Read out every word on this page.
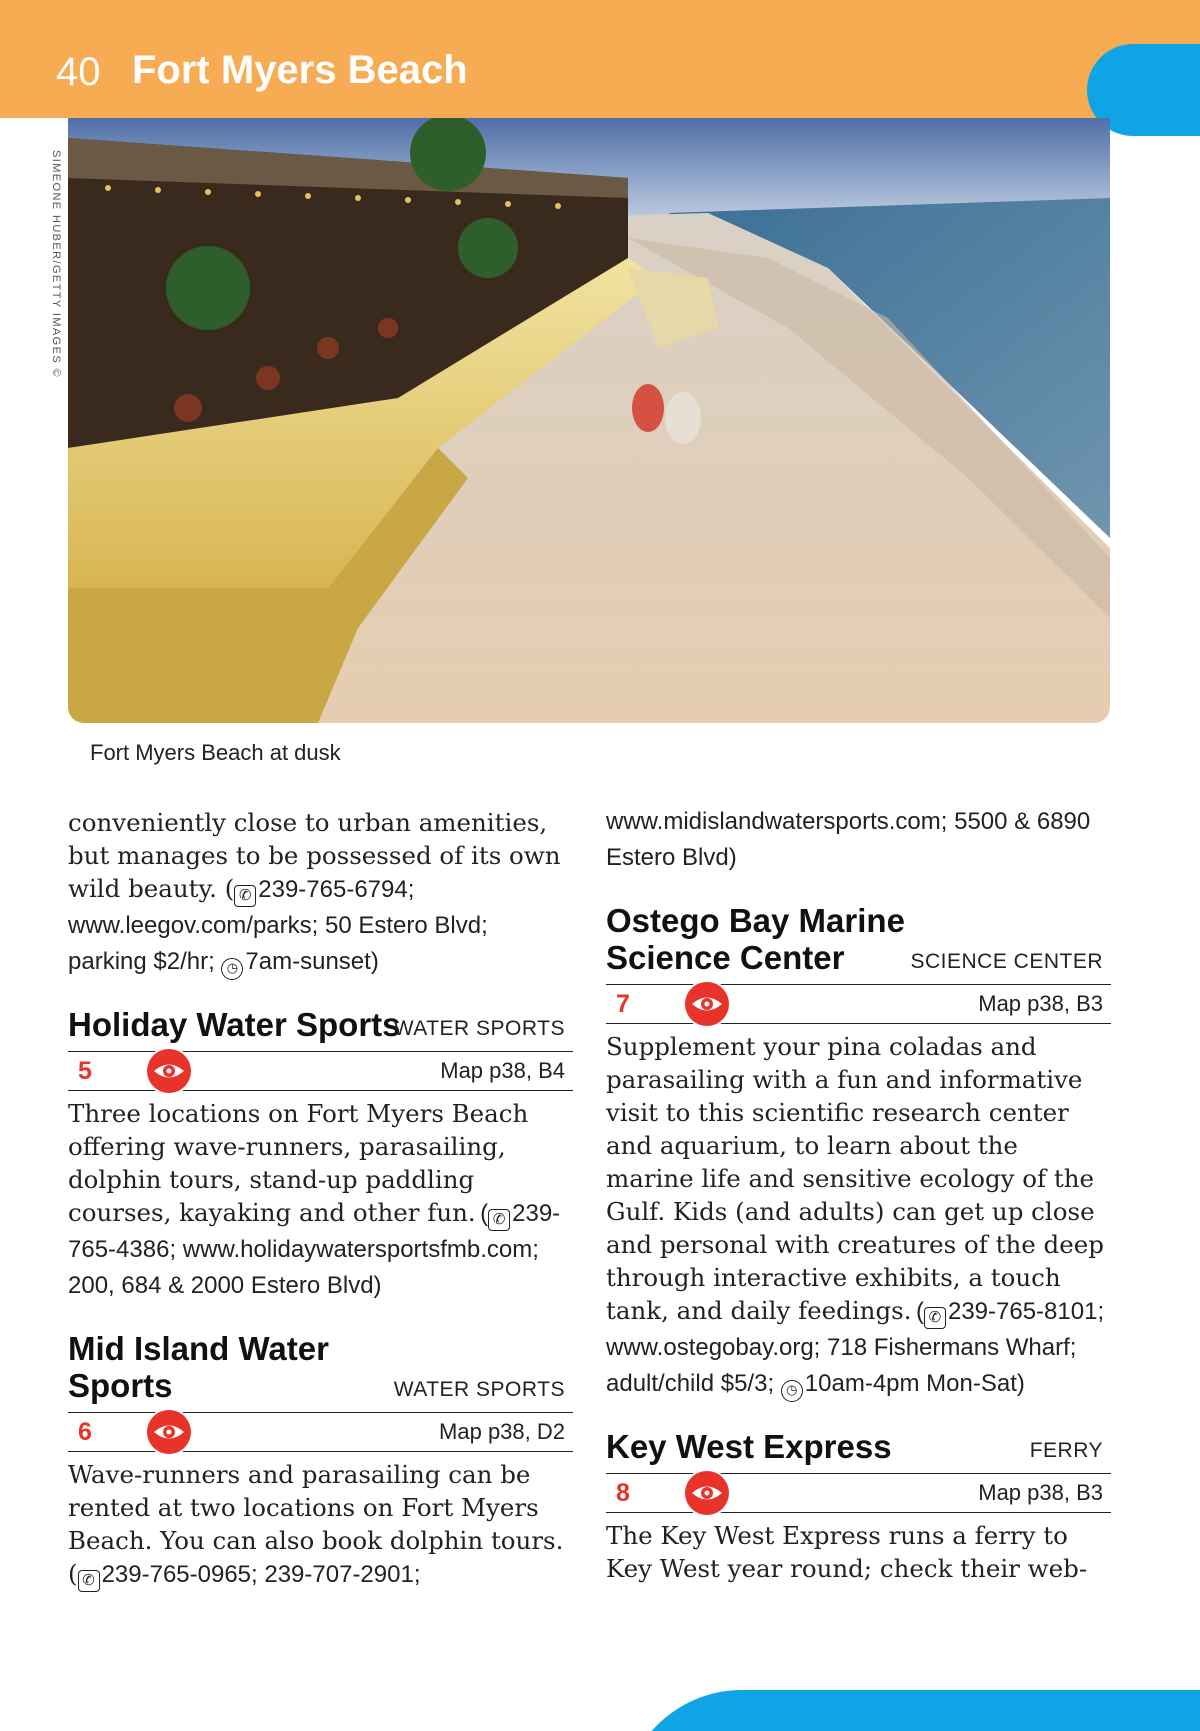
40 Fort Myers Beach
SIMEONE HUBER/GETTY IMAGES ©
Fort Myers Beach at dusk

conveniently close to urban amenities, but manages to be possessed of its own wild beauty. ( ✆ 239-765-6794; www.leegov.com/parks; 50 Estero Blvd; parking $2/hr; ◷ 7am-sunset)

Holiday Water Sports
WATER SPORTS
5	Map p38, B4

Three locations on Fort Myers Beach offering wave-runners, parasailing, dolphin tours, stand-up paddling courses, kayaking and other fun. ( ✆ 239-765-4386; www.holidaywatersportsfmb.com; 200, 684 & 2000 Estero Blvd)

Mid Island Water Sports	WATER SPORTS
6	Map p38, D2

Wave-runners and parasailing can be rented at two locations on Fort Myers Beach. You can also book dolphin tours. ( ✆ 239-765-0965; 239-707-2901;

www.midislandwatersports.com; 5500 & 6890 Estero Blvd)

Ostego Bay Marine Science Center	SCIENCE CENTER
7	Map p38, B3

Supplement your pina coladas and parasailing with a fun and informative visit to this scientific research center and aquarium, to learn about the marine life and sensitive ecology of the Gulf. Kids (and adults) can get up close and personal with creatures of the deep through interactive exhibits, a touch tank, and daily feedings. ( ✆ 239-765-8101; www.ostegobay.org; 718 Fishermans Wharf; adult/child $5/3; ◷ 10am-4pm Mon-Sat)

Key West Express	FERRY
8	Map p38, B3

The Key West Express runs a ferry to Key West year round; check their web-
